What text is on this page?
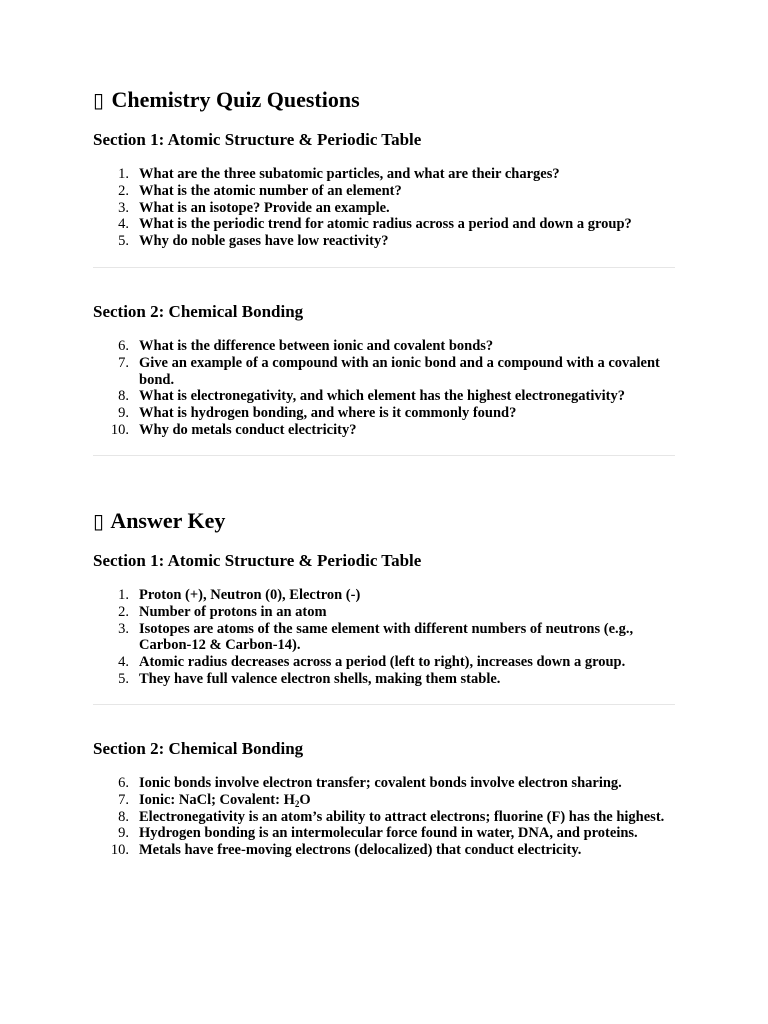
▯ Chemistry Quiz Questions
Section 1: Atomic Structure & Periodic Table
1. What are the three subatomic particles, and what are their charges?
2. What is the atomic number of an element?
3. What is an isotope? Provide an example.
4. What is the periodic trend for atomic radius across a period and down a group?
5. Why do noble gases have low reactivity?
Section 2: Chemical Bonding
6. What is the difference between ionic and covalent bonds?
7. Give an example of a compound with an ionic bond and a compound with a covalent bond.
8. What is electronegativity, and which element has the highest electronegativity?
9. What is hydrogen bonding, and where is it commonly found?
10. Why do metals conduct electricity?
▯ Answer Key
Section 1: Atomic Structure & Periodic Table
1. Proton (+), Neutron (0), Electron (-)
2. Number of protons in an atom
3. Isotopes are atoms of the same element with different numbers of neutrons (e.g., Carbon-12 & Carbon-14).
4. Atomic radius decreases across a period (left to right), increases down a group.
5. They have full valence electron shells, making them stable.
Section 2: Chemical Bonding
6. Ionic bonds involve electron transfer; covalent bonds involve electron sharing.
7. Ionic: NaCl; Covalent: $H_2O$
8. Electronegativity is an atom’s ability to attract electrons; fluorine (F) has the highest.
9. Hydrogen bonding is an intermolecular force found in water, DNA, and proteins.
10. Metals have free-moving electrons (delocalized) that conduct electricity.
